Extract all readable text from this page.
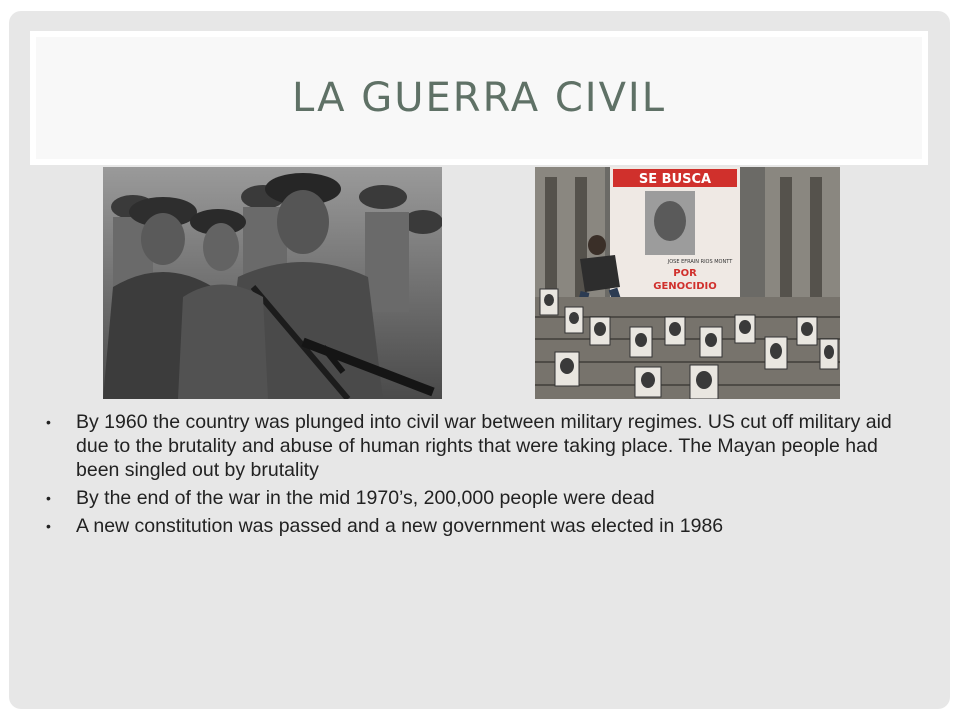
LA GUERRA CIVIL
SE BUSCA
JOSE EFRAIN RIOS MONTT
POR
GENOCIDIO
• By 1960 the country was plunged into civil war between military regimes. US cut off military aid due to the brutality and abuse of human rights that were taking place. The Mayan people had been singled out by brutality
• By the end of the war in the mid 1970’s, 200,000 people were dead
• A new constitution was passed and a new government was elected in 1986
